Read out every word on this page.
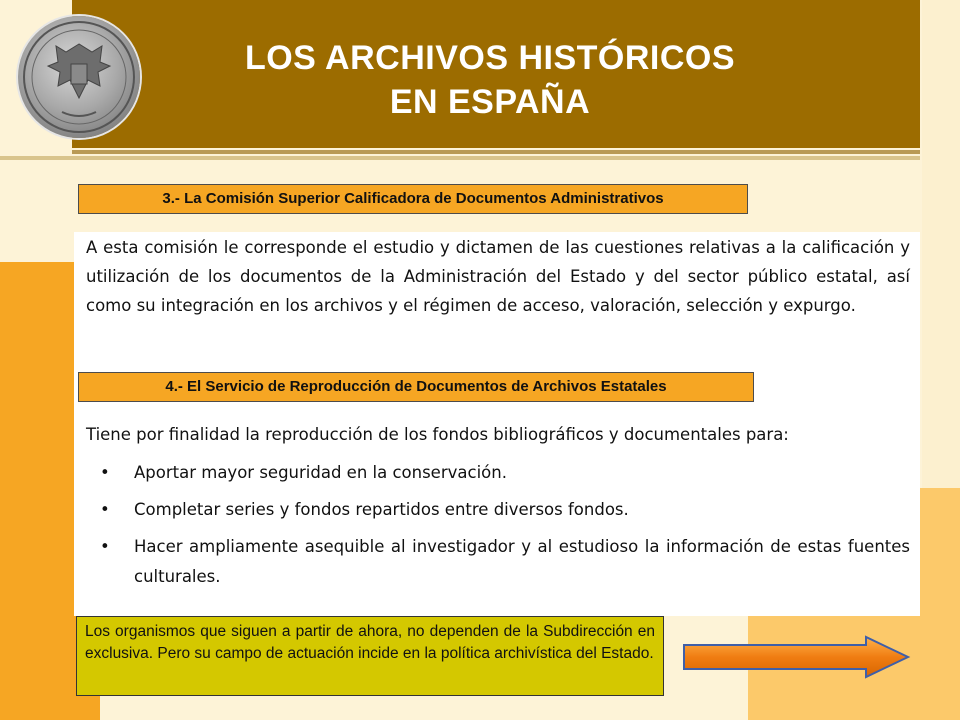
LOS ARCHIVOS HISTÓRICOS
EN ESPAÑA
3.- La Comisión Superior Calificadora de Documentos Administrativos
A esta comisión le corresponde el estudio y dictamen de las cuestiones relativas a la calificación y utilización de los documentos de la Administración del Estado y del sector público estatal, así como su integración en los archivos y el régimen de acceso, valoración, selección y expurgo.
4.- El Servicio de Reproducción de Documentos de Archivos Estatales
Tiene por finalidad la reproducción de los fondos bibliográficos y documentales para:
• Aportar mayor seguridad en la conservación.
• Completar series y fondos repartidos entre diversos fondos.
• Hacer ampliamente asequible al investigador y al estudioso la información de estas fuentes culturales.
Los organismos que siguen a partir de ahora, no dependen de la Subdirección en exclusiva. Pero su campo de actuación incide en la política archivística del Estado.
